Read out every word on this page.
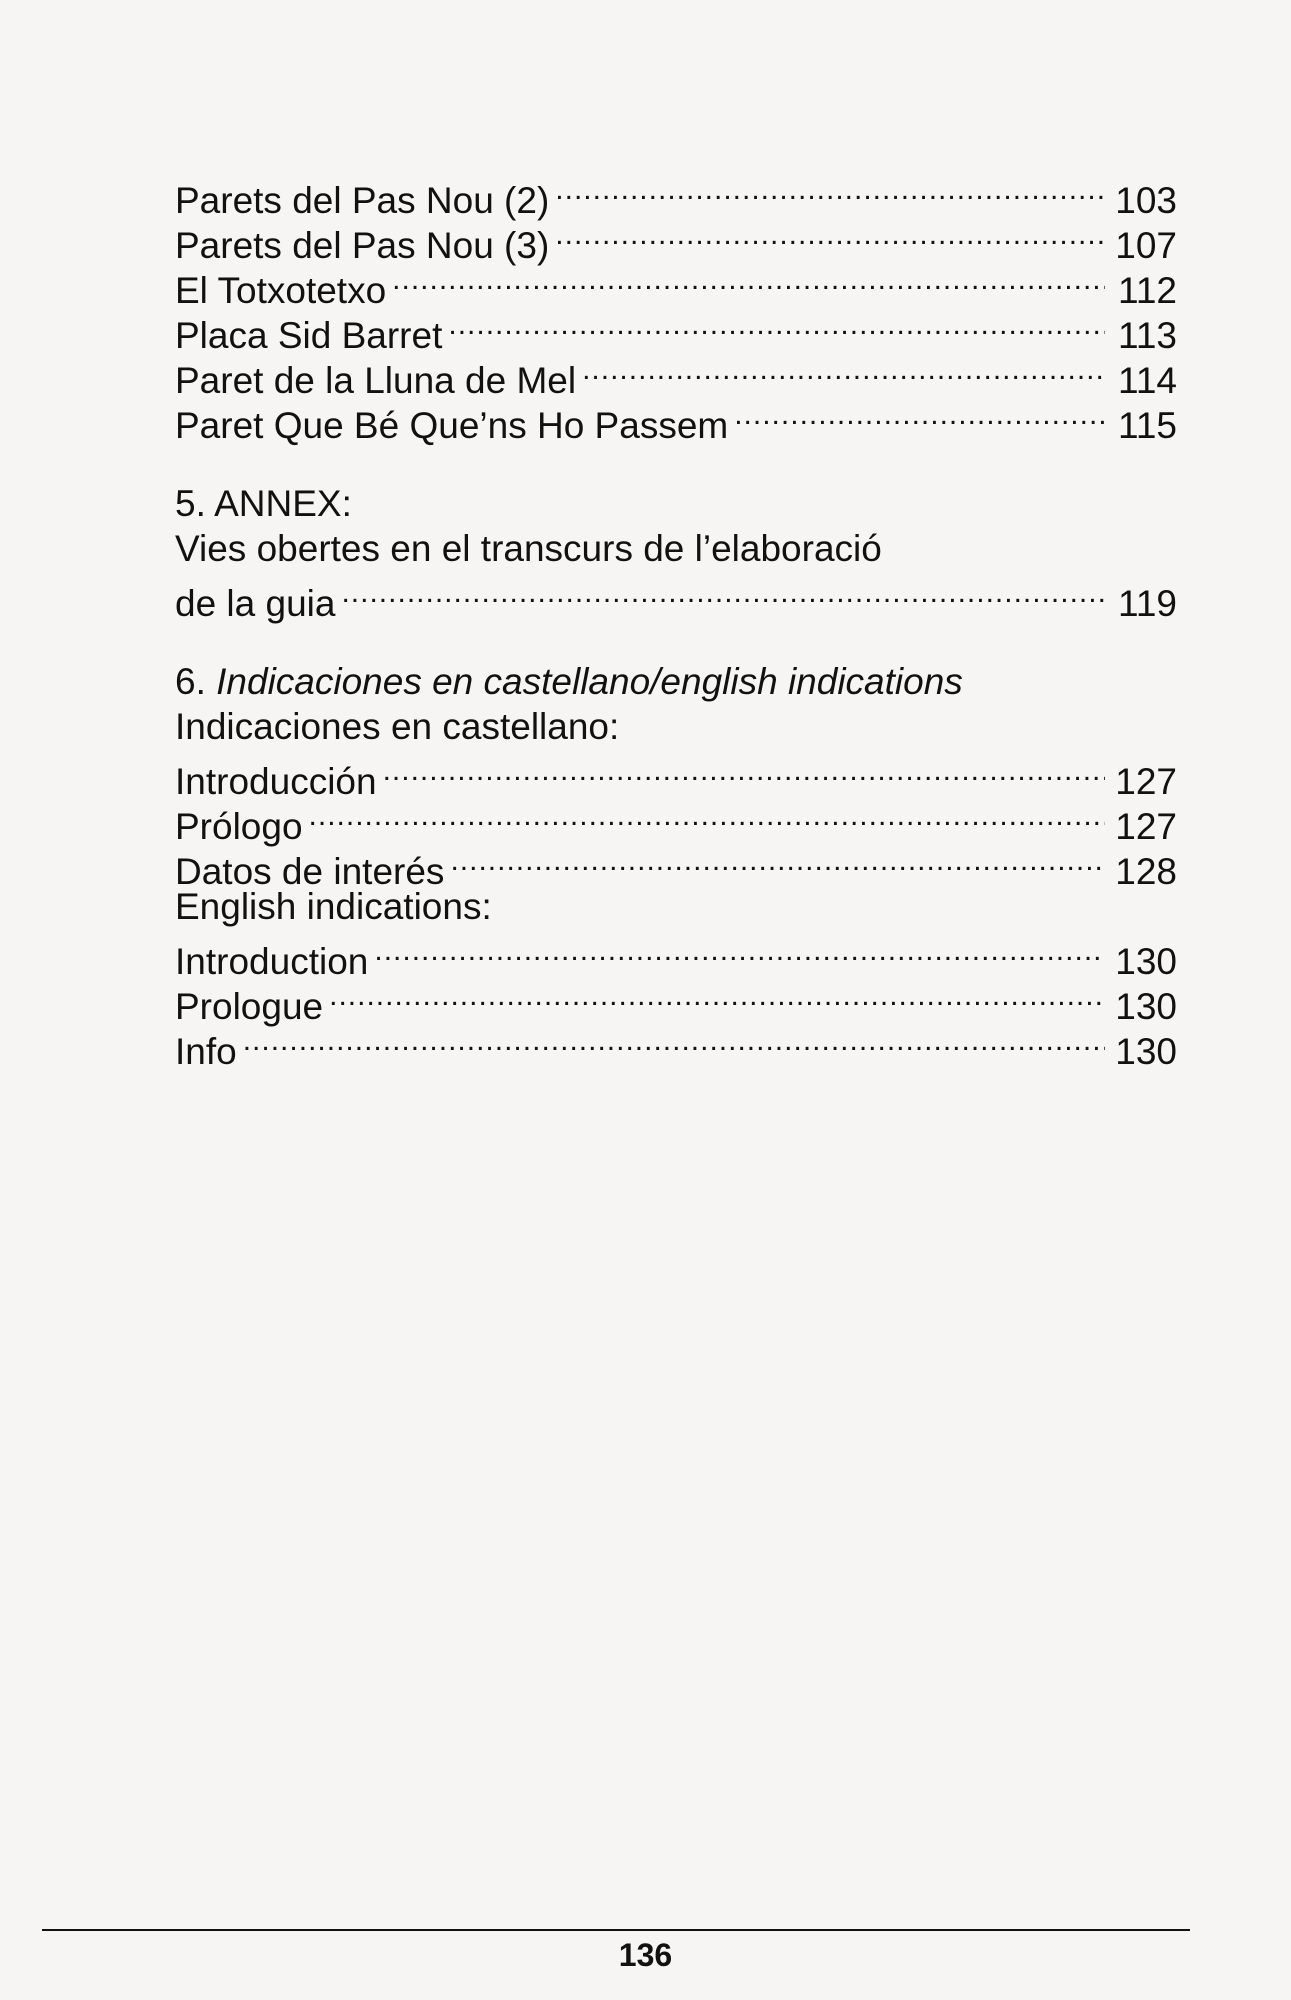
Parets del Pas Nou (2) .....	103
Parets del Pas Nou (3) .....	107
El Totxotetxo .....	112
Placa Sid Barret .....	113
Paret de la Lluna de Mel .....	114
Paret Que Bé Que’ns Ho Passem .....	115
5. ANNEX:
Vies obertes en el transcurs de l’elaboració
de la guia .....	119
6. Indicaciones en castellano/english indications
Indicaciones en castellano:
Introducción .....	127
Prólogo .....	127
Datos de interés .....	128
English indications:
Introduction .....	130
Prologue .....	130
Info .....	130
136
